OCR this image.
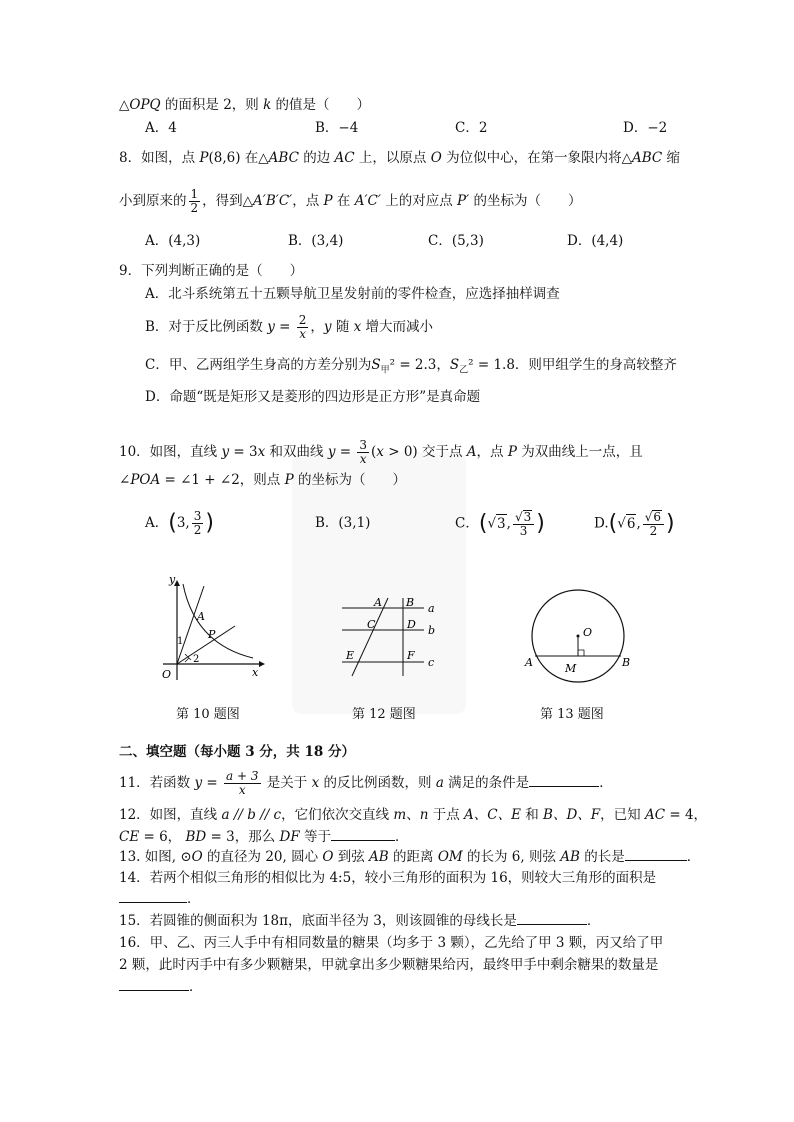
△OPQ 的面积是 2，则 k 的值是（　　）
A．4	B．−4	C．2	D．−2
8．如图，点 P(8,6) 在△ABC 的边 AC 上，以原点 O 为位似中心，在第一象限内将△ABC 缩
小到原来的 $\frac{1}{2}$ ，得到△A′B′C′，点 P 在 A′C′ 上的对应点 P′ 的坐标为（　　）
A．(4,3)	B．(3,4)	C．(5,3)	D．(4,4)
9．下列判断正确的是（　　）
A．北斗系统第五十五颗导航卫星发射前的零件检查，应选择抽样调查
B．对于反比例函数 $y = \frac{2}{x}$ ，y 随 x 增大而减小
C．甲、乙两组学生身高的方差分别为$S_甲^2 = 2.3$，$S_乙^2 = 1.8$．则甲组学生的身高较整齐
D．命题“既是矩形又是菱形的四边形是正方形”是真命题
10．如图，直线 y = 3x 和双曲线 $y = \frac{3}{x} (x > 0)$ 交于点 A，点 P 为双曲线上一点，且
∠POA = ∠1 + ∠2，则点 P 的坐标为（　　）
A．(3, $\frac{3}{2}$ )	B．(3,1)	C．(√3, $\frac{√3}{3}$ )	D.(√6, $\frac{√6}{2}$ )
y
x
O
A
P
1
2
第 10 题图
A B
C	D
E	F
a
b
c
第 12 题图
O
A	B
M
第 13 题图
二、填空题（每小题 3 分，共 18 分）
11．若函数 $y = \frac{a + 3}{x}$ 是关于 x 的反比例函数，则 a 满足的条件是	．
12．如图，直线 a // b // c，它们依次交直线 m、n 于点 A、C、E 和 B、D、F，已知 AC = 4，
CE = 6， BD = 3，那么 DF 等于	．
13. 如图, ⊙O 的直径为 20, 圆心 O 到弦 AB 的距离 OM 的长为 6, 则弦 AB 的长是	．
14．若两个相似三角形的相似比为 4:5，较小三角形的面积为 16，则较大三角形的面积是
．
15．若圆锥的侧面积为 18π，底面半径为 3，则该圆锥的母线长是	．
16．甲、乙、丙三人手中有相同数量的糖果（均多于 3 颗），乙先给了甲 3 颗，丙又给了甲
2 颗，此时丙手中有多少颗糖果，甲就拿出多少颗糖果给丙，最终甲手中剩余糖果的数量是
．
